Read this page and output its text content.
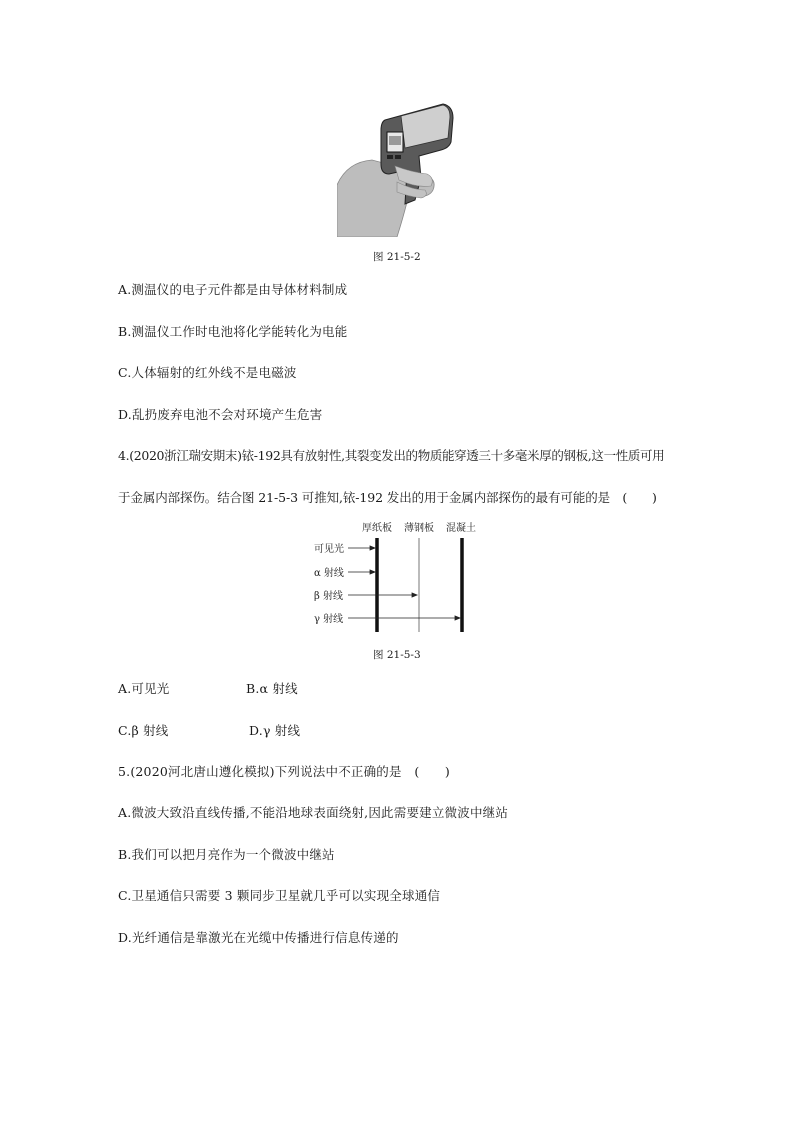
图 21-5-2
A.测温仪的电子元件都是由导体材料制成
B.测温仪工作时电池将化学能转化为电能
C.人体辐射的红外线不是电磁波
D.乱扔废弃电池不会对环境产生危害
4.(2020浙江瑞安期末)铱-192具有放射性,其裂变发出的物质能穿透三十多毫米厚的钢板,这一性质可用
于金属内部探伤。结合图 21-5-3 可推知,铱-192 发出的用于金属内部探伤的最有可能的是　(　　)
厚纸板 薄钢板 混凝土
可见光
α 射线
β 射线
γ 射线
图 21-5-3
A.可见光	B.α 射线
C.β 射线	D.γ 射线
5.(2020河北唐山遵化模拟)下列说法中不正确的是　(　　)
A.微波大致沿直线传播,不能沿地球表面绕射,因此需要建立微波中继站
B.我们可以把月亮作为一个微波中继站
C.卫星通信只需要 3 颗同步卫星就几乎可以实现全球通信
D.光纤通信是靠激光在光缆中传播进行信息传递的
